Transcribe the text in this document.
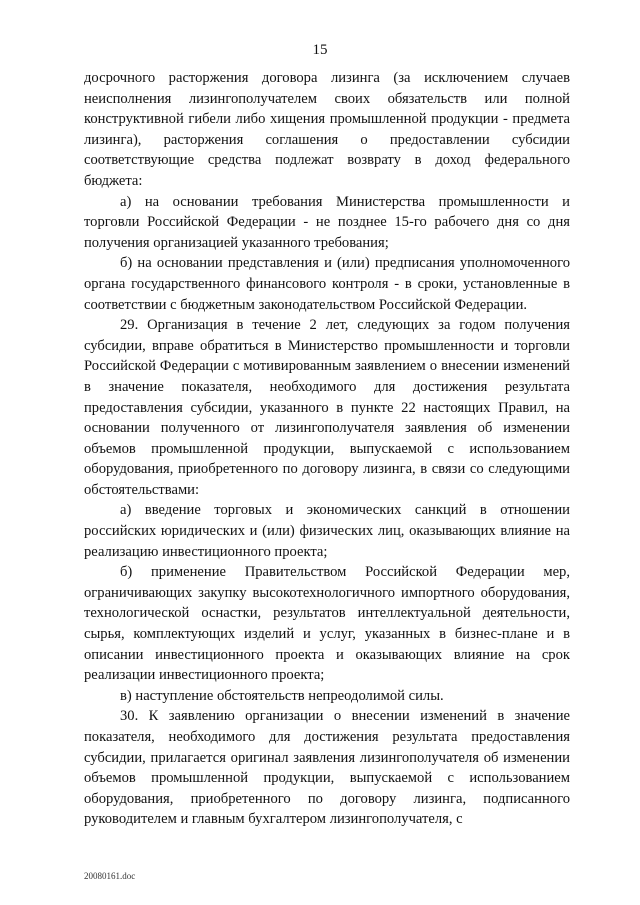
15

досрочного расторжения договора лизинга (за исключением случаев неисполнения лизингополучателем своих обязательств или полной конструктивной гибели либо хищения промышленной продукции - предмета лизинга), расторжения соглашения о предоставлении субсидии соответствующие средства подлежат возврату в доход федерального бюджета:

а) на основании требования Министерства промышленности и торговли Российской Федерации - не позднее 15-го рабочего дня со дня получения организацией указанного требования;

б) на основании представления и (или) предписания уполномоченного органа государственного финансового контроля - в сроки, установленные в соответствии с бюджетным законодательством Российской Федерации.

29. Организация в течение 2 лет, следующих за годом получения субсидии, вправе обратиться в Министерство промышленности и торговли Российской Федерации с мотивированным заявлением о внесении изменений в значение показателя, необходимого для достижения результата предоставления субсидии, указанного в пункте 22 настоящих Правил, на основании полученного от лизингополучателя заявления об изменении объемов промышленной продукции, выпускаемой с использованием оборудования, приобретенного по договору лизинга, в связи со следующими обстоятельствами:

а) введение торговых и экономических санкций в отношении российских юридических и (или) физических лиц, оказывающих влияние на реализацию инвестиционного проекта;

б) применение Правительством Российской Федерации мер, ограничивающих закупку высокотехнологичного импортного оборудования, технологической оснастки, результатов интеллектуальной деятельности, сырья, комплектующих изделий и услуг, указанных в бизнес-плане и в описании инвестиционного проекта и оказывающих влияние на срок реализации инвестиционного проекта;

в) наступление обстоятельств непреодолимой силы.

30. К заявлению организации о внесении изменений в значение показателя, необходимого для достижения результата предоставления субсидии, прилагается оригинал заявления лизингополучателя об изменении объемов промышленной продукции, выпускаемой с использованием оборудования, приобретенного по договору лизинга, подписанного руководителем и главным бухгалтером лизингополучателя, с

20080161.doc
